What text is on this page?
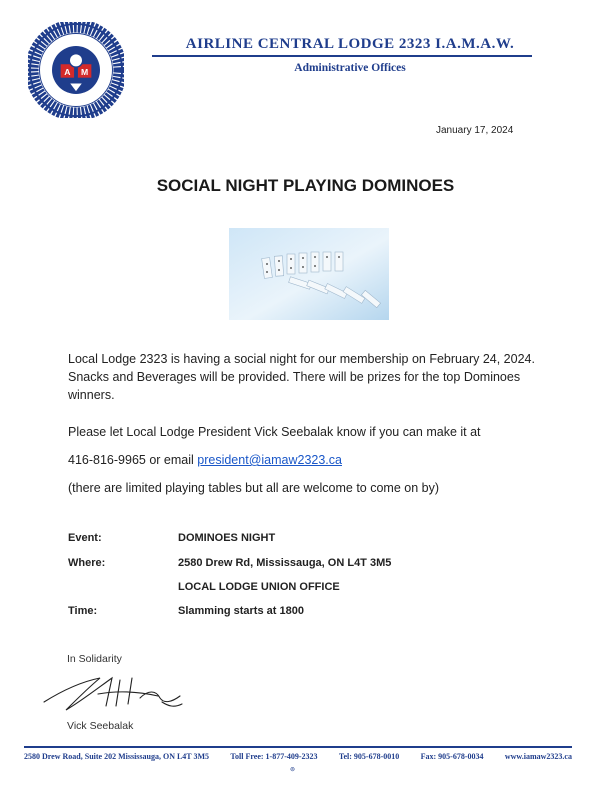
A M
AIRLINE CENTRAL LODGE 2323 I.A.M.A.W.
Administrative Offices
January 17, 2024
SOCIAL NIGHT PLAYING DOMINOES
Local Lodge 2323 is having a social night for our membership on February 24, 2024. Snacks and Beverages will be provided. There will be prizes for the top Dominoes winners.
Please let Local Lodge President Vick Seebalak know if you can make it at
416-816-9965 or email president@iamaw2323.ca
(there are limited playing tables but all are welcome to come on by)
Event:	DOMINOES NIGHT
Where:	2580 Drew Rd, Mississauga, ON L4T 3M5
LOCAL LODGE UNION OFFICE
Time:	Slamming starts at 1800
In Solidarity
Vick Seebalak
2580 Drew Road, Suite 202 Mississauga, ON L4T 3M5	Toll Free: 1-877-409-2323	Tel: 905-678-0010	Fax: 905-678-0034	www.iamaw2323.ca
⊚
